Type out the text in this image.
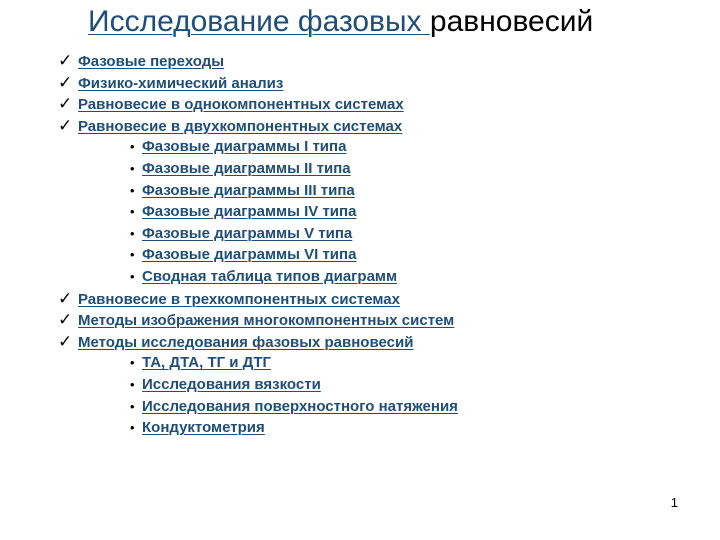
Исследование фазовых равновесий
✓ Фазовые переходы
✓ Физико-химический анализ
✓ Равновесие в однокомпонентных системах
✓ Равновесие в двухкомпонентных системах
• Фазовые диаграммы I типа
• Фазовые диаграммы II типа
• Фазовые диаграммы III типа
• Фазовые диаграммы IV типа
• Фазовые диаграммы V типа
• Фазовые диаграммы VI типа
• Сводная таблица типов диаграмм
✓ Равновесие в трехкомпонентных системах
✓ Методы изображения многокомпонентных систем
✓ Методы исследования фазовых равновесий
• ТА, ДТА, ТГ и ДТГ
• Исследования вязкости
• Исследования поверхностного натяжения
• Кондуктометрия
1
